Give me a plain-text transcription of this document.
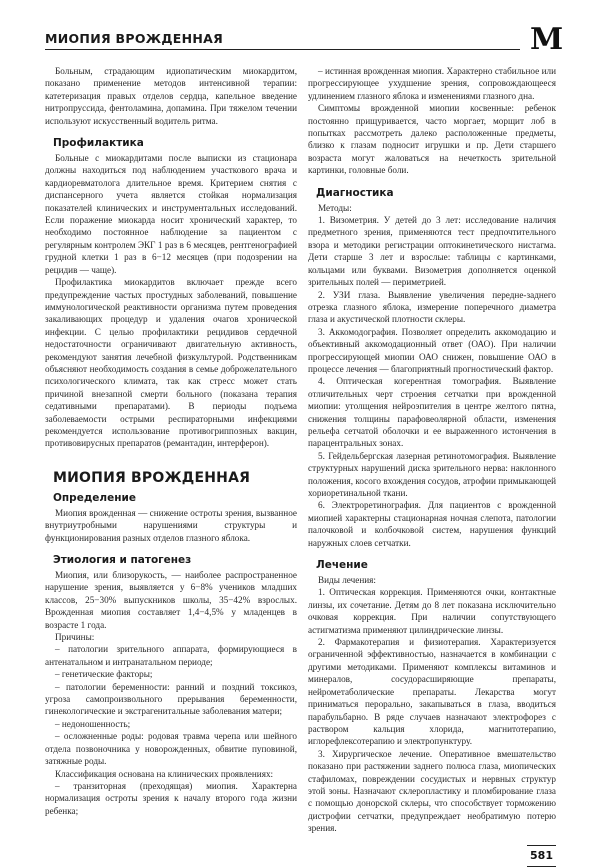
МИОПИЯ ВРОЖДЕННАЯ	М

Больным, страдающим идиопатическим миокардитом, показано применение методов интенсивной терапии: катетеризация правых отделов сердца, капельное введение нитропруссида, фентоламина, допамина. При тяжелом течении используют искусственный водитель ритма.

Профилактика

Больные с миокардитами после выписки из стационара должны находиться под наблюдением участкового врача и кардиоревматолога длительное время. Критерием снятия с диспансерного учета является стойкая нормализация показателей клинических и инструментальных исследований. Если поражение миокарда носит хронический характер, то необходимо постоянное наблюдение за пациентом с регулярным контролем ЭКГ 1 раз в 6 месяцев, рентгенографией грудной клетки 1 раз в 6−12 месяцев (при подозрении на рецидив — чаще).

Профилактика миокардитов включает прежде всего предупреждение частых простудных заболеваний, повышение иммунологической реактивности организма путем проведения закаливающих процедур и удаления очагов хронической инфекции. С целью профилактики рецидивов сердечной недостаточности ограничивают двигательную активность, рекомендуют занятия лечебной физкультурой. Родственникам объясняют необходимость создания в семье доброжелательного психологического климата, так как стресс может стать причиной внезапной смерти больного (показана терапия седативными препаратами). В периоды подъема заболеваемости острыми респираторными инфекциями рекомендуется использование противогриппозных вакцин, противовирусных препаратов (ремантадин, интерферон).

МИОПИЯ ВРОЖДЕННАЯ
Определение

Миопия врожденная — снижение остроты зрения, вызванное внутриутробными нарушениями структуры и функционирования разных отделов глазного яблока.

Этиология и патогенез

Миопия, или близорукость, — наиболее распространенное нарушение зрения, выявляется у 6−8% учеников младших классов, 25−30% выпускников школы, 35−42% взрослых. Врожденная миопия составляет 1,4−4,5% у младенцев в возрасте 1 года.

Причины:

– патологии зрительного аппарата, формирующиеся в антенатальном и интранатальном периоде;

– генетические факторы;

– патологии беременности: ранний и поздний токсикоз, угроза самопроизвольного прерывания беременности, гинекологические и экстрагенитальные заболевания матери;

– недоношенность;

– осложненные роды: родовая травма черепа или шейного отдела позвоночника у новорожденных, обвитие пуповиной, затяжные роды.

Классификация основана на клинических проявлениях:

– транзиторная (преходящая) миопия. Характерна нормализация остроты зрения к началу второго года жизни ребенка;

– истинная врожденная миопия. Характерно стабильное или прогрессирующее ухудшение зрения, сопровождающееся удлинением глазного яблока и изменениями глазного дна.

Симптомы врожденной миопии косвенные: ребенок постоянно прищуривается, часто моргает, морщит лоб в попытках рассмотреть далеко расположенные предметы, близко к глазам подносит игрушки и пр. Дети старшего возраста могут жаловаться на нечеткость зрительной картинки, головные боли.

Диагностика

Методы:

1. Визометрия. У детей до 3 лет: исследование наличия предметного зрения, применяются тест предпочтительного взора и методики регистрации оптокинетического нистагма. Дети старше 3 лет и взрослые: таблицы с картинками, кольцами или буквами. Визометрия дополняется оценкой зрительных полей — периметрией.

2. УЗИ глаза. Выявление увеличения передне-заднего отрезка глазного яблока, измерение поперечного диаметра глаза и акустической плотности склеры.

3. Аккомодография. Позволяет определить аккомодацию и объективный аккомодационный ответ (ОАО). При наличии прогрессирующей миопии ОАО снижен, повышение ОАО в процессе лечения — благоприятный прогностический фактор.

4. Оптическая когерентная томография. Выявление отличительных черт строения сетчатки при врожденной миопии: утолщения нейроэпителия в центре желтого пятна, снижения толщины парафовеолярной области, изменения рельефа сетчатой оболочки и ее выраженного истончения в парацентральных зонах.

5. Гейдельбергская лазерная ретинотомография. Выявление структурных нарушений диска зрительного нерва: наклонного положения, косого вхождения сосудов, атрофии примыкающей хориоретинальной ткани.

6. Электроретинография. Для пациентов с врожденной миопией характерны стационарная ночная слепота, патологии палочковой и колбочковой систем, нарушения функций наружных слоев сетчатки.

Лечение

Виды лечения:

1. Оптическая коррекция. Применяются очки, контактные линзы, их сочетание. Детям до 8 лет показана исключительно очковая коррекция. При наличии сопутствующего астигматизма применяют цилиндрические линзы.

2. Фармакотерапия и физиотерапия. Характеризуется ограниченной эффективностью, назначается в комбинации с другими методиками. Применяют комплексы витаминов и минералов, сосудорасширяющие препараты, нейрометаболические препараты. Лекарства могут приниматься перорально, закапываться в глаза, вводиться парабульбарно. В ряде случаев назначают электрофорез с раствором кальция хлорида, магнитотерапию, иглорефлексотерапию и электропунктуру.

3. Хирургическое лечение. Оперативное вмешательство показано при растяжении заднего полюса глаза, миопических стафиломах, повреждении сосудистых и нервных структур этой зоны. Назначают склеропластику и пломбирование глаза с помощью донорской склеры, что способствует торможению дистрофии сетчатки, предупреждает необратимую потерю зрения.

581
